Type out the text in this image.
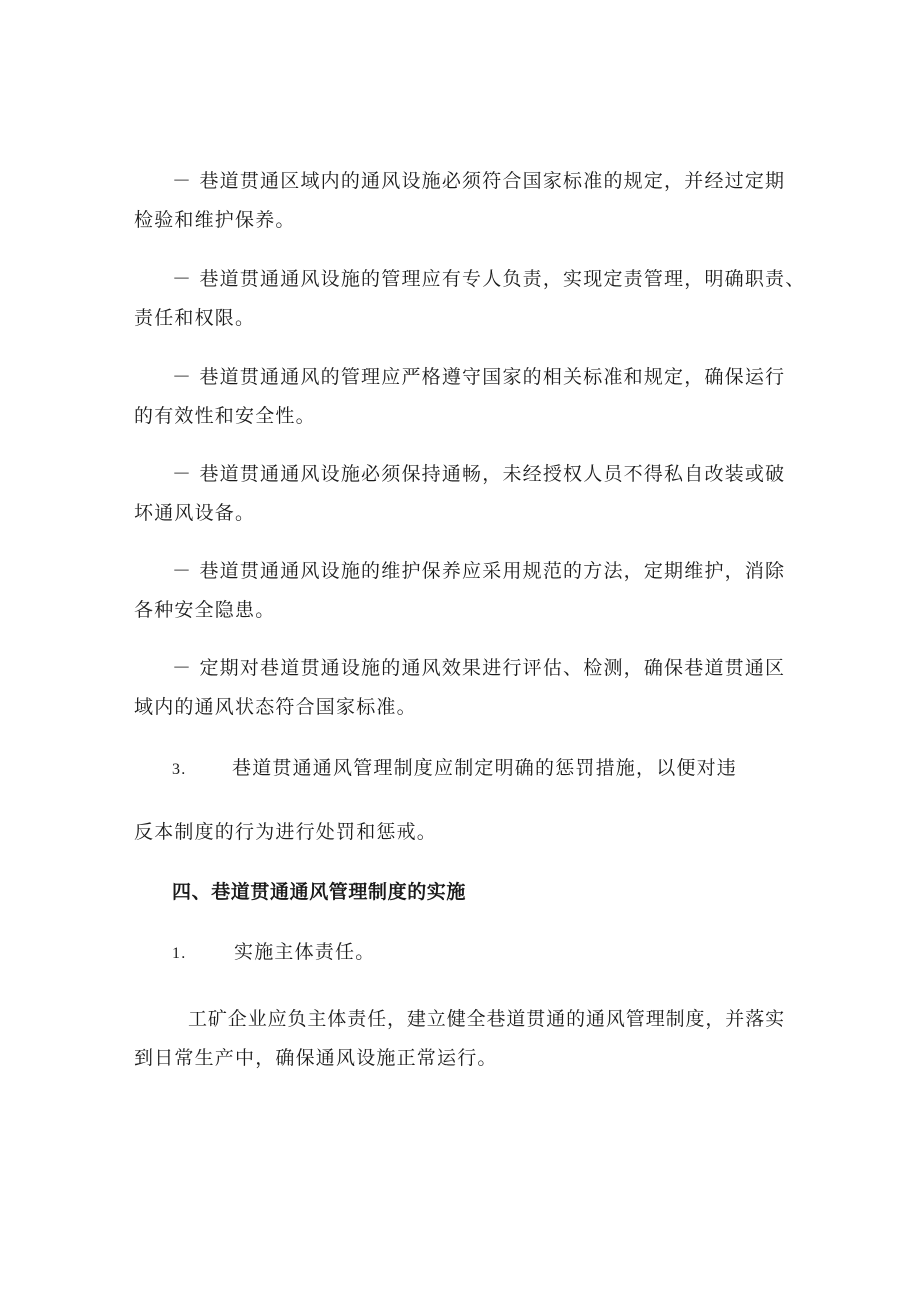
－ 巷道贯通区域内的通风设施必须符合国家标准的规定，并经过定期
检验和维护保养。
－ 巷道贯通通风设施的管理应有专人负责，实现定责管理，明确职责、
责任和权限。
－ 巷道贯通通风的管理应严格遵守国家的相关标准和规定，确保运行
的有效性和安全性。
－ 巷道贯通通风设施必须保持通畅，未经授权人员不得私自改装或破
坏通风设备。
－ 巷道贯通通风设施的维护保养应采用规范的方法，定期维护，消除
各种安全隐患。
－ 定期对巷道贯通设施的通风效果进行评估、检测，确保巷道贯通区
域内的通风状态符合国家标准。
3. 巷道贯通通风管理制度应制定明确的惩罚措施，以便对违
反本制度的行为进行处罚和惩戒。
四、巷道贯通通风管理制度的实施
1.	实施主体责任。
工矿企业应负主体责任，建立健全巷道贯通的通风管理制度，并落实
到日常生产中，确保通风设施正常运行。
